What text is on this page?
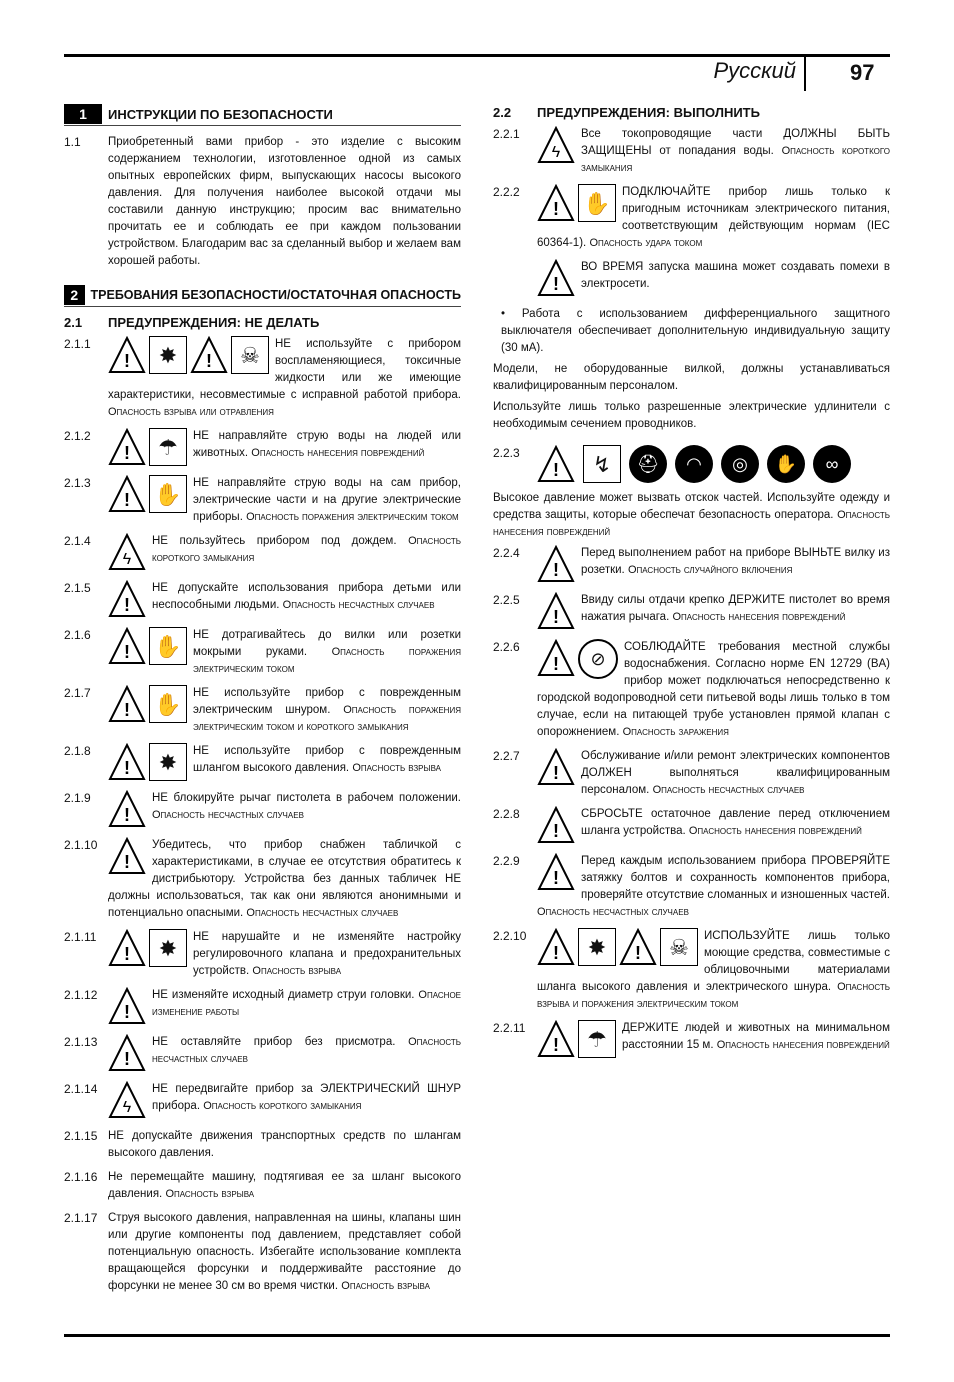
Русский 97
1	ИНСТРУКЦИИ ПО БЕЗОПАСНОСТИ
1.1	Приобретенный вами прибор - это изделие с высоким содержанием технологии, изготовленное одной из самых опытных европейских фирм, выпускающих насосы высокого давления. Для получения наиболее высокой отдачи мы составили данную инструкцию; просим вас внимательно прочитать ее и соблюдать ее при каждом пользовании устройством. Благодарим вас за сделанный выбор и желаем вам хорошей работы.
2 ТРЕБОВАНИЯ БЕЗОПАСНОСТИ/ОСТАТОЧНАЯ ОПАСНОСТЬ
2.1	ПРЕДУПРЕЖДЕНИЯ: НЕ ДЕЛАТЬ
2.1.1
!	✸	!	☠	НЕ используйте с прибором воспламеняющиеся, токсичные жидкости или же имеющие характеристики, несовместимые с исправной работой прибора. Опасность взрыва или отравления
2.1.2
!	☂	НЕ направляйте струю воды на людей или животных. Опасность нанесения повреждений
2.1.3
! ✋ НЕ направляйте струю воды на сам прибор, электрические части и на другие электрические приборы. Опасность поражения электрическим током
2.1.4
ϟ
НЕ пользуйтесь прибором под дождем. Опасность короткого замыкания
2.1.5
!
НЕ допускайте использования прибора детьми или неспособными людьми. Опасность несчастных случаев
2.1.6
! ✋ НЕ дотрагивайтесь до вилки или розетки мокрыми руками. Опасность поражения электрическим током
2.1.7
! ✋ НЕ используйте прибор с поврежденным электрическим шнуром. Опасность поражения электрическим током и короткого замыкания
2.1.8
!	✸	НЕ используйте прибор с поврежденным шлангом высокого давления. Опасность взрыва
2.1.9
!
НЕ блокируйте рычаг пистолета в рабочем положении. Опасность несчастных случаев
2.1.10
!
Убедитесь, что прибор снабжен табличкой с характеристиками, в случае ее отсутствия обратитесь к дистрибьютору. Устройства без данных табличек НЕ должны использоваться, так как они являются анонимными и потенциально опасными. Опасность несчастных случаев
2.1.11
!	✸	НЕ нарушайте и не изменяйте настройку регулировочного клапана и предохранительных устройств. Опасность взрыва
2.1.12
!
НЕ изменяйте исходный диаметр струи головки. Опасное изменение работы
2.1.13
!
НЕ оставляйте прибор без присмотра. Опасность несчастных случаев
2.1.14
ϟ
НЕ передвигайте прибор за ЭЛЕКТРИЧЕСКИЙ ШНУР прибора. Опасность короткого замыкания
2.1.15 НЕ допускайте движения транспортных средств по шлангам высокого давления.
2.1.16 Не перемещайте машину, подтягивая ее за шланг высокого давления. Опасность взрыва
2.1.17 Струя высокого давления, направленная на шины, клапаны шин или другие компоненты под давлением, представляет собой потенциальную опасность. Избегайте использование комплекта вращающейся форсунки и поддерживайте расстояние до форсунки не менее 30 см во время чистки. Опасность взрыва
2.2	ПРЕДУПРЕЖДЕНИЯ: ВЫПОЛНИТЬ
2.2.1
ϟ
Все токопроводящие части ДОЛЖНЫ БЫТЬ ЗАЩИЩЕНЫ от попадания воды. Опасность короткого замыкания
2.2.2
! ✋ ПОДКЛЮЧАЙТЕ прибор лишь только к пригодным источникам электрического питания, соответствующим действующим нормам (IEC 60364-1). Опасность удара током
!
ВО ВРЕМЯ запуска машина может создавать помехи в электросети.
• Работа с использованием дифференциального защитного выключателя обеспечивает дополнительную индивидуальную защиту (30 мА).
Модели, не оборудованные вилкой, должны устанавливаться квалифицированным персоналом.
Используйте лишь только разрешенные электрические удлинители с необходимым сечением проводников.
2.2.3
!	↯	⛑	◠	◎	✋	∞
Высокое давление может вызвать отскок частей. Используйте одежду и средства защиты, которые обеспечат безопасность оператора. Опасность нанесения повреждений
2.2.4
!
Перед выполнением работ на приборе ВЫНЬТЕ вилку из розетки. Опасность случайного включения
2.2.5
!
Ввиду силы отдачи крепко ДЕРЖИТЕ пистолет во время нажатия рычага. Опасность нанесения повреждений
2.2.6
!	⊘
СОБЛЮДАЙТЕ требования местной службы водоснабжения. Согласно норме EN 12729 (BA) прибор может подключаться непосредственно к городской водопроводной сети питьевой воды лишь только в том случае, если на питающей трубе установлен прямой клапан с опорожнением. Опасность заражения
2.2.7
!
Обслуживание и/или ремонт электрических компонентов ДОЛЖЕН выполняться квалифицированным персоналом. Опасность несчастных случаев
2.2.8
!
СБРОСЬТЕ остаточное давление перед отключением шланга устройства. Опасность нанесения повреждений
2.2.9
!
Перед каждым использованием прибора ПРОВЕРЯЙТЕ затяжку болтов и сохранность компонентов прибора, проверяйте отсутствие сломанных и изношенных частей. Опасность несчастных случаев
2.2.10
!	✸	!	☠	ИСПОЛЬЗУЙТЕ лишь только моющие средства, совместимые с облицовочными материалами шланга высокого давления и электрического шнура. Опасность взрыва и поражения электрическим током
2.2.11
!	☂	ДЕРЖИТЕ людей и животных на минимальном расстоянии 15 м. Опасность нанесения повреждений
